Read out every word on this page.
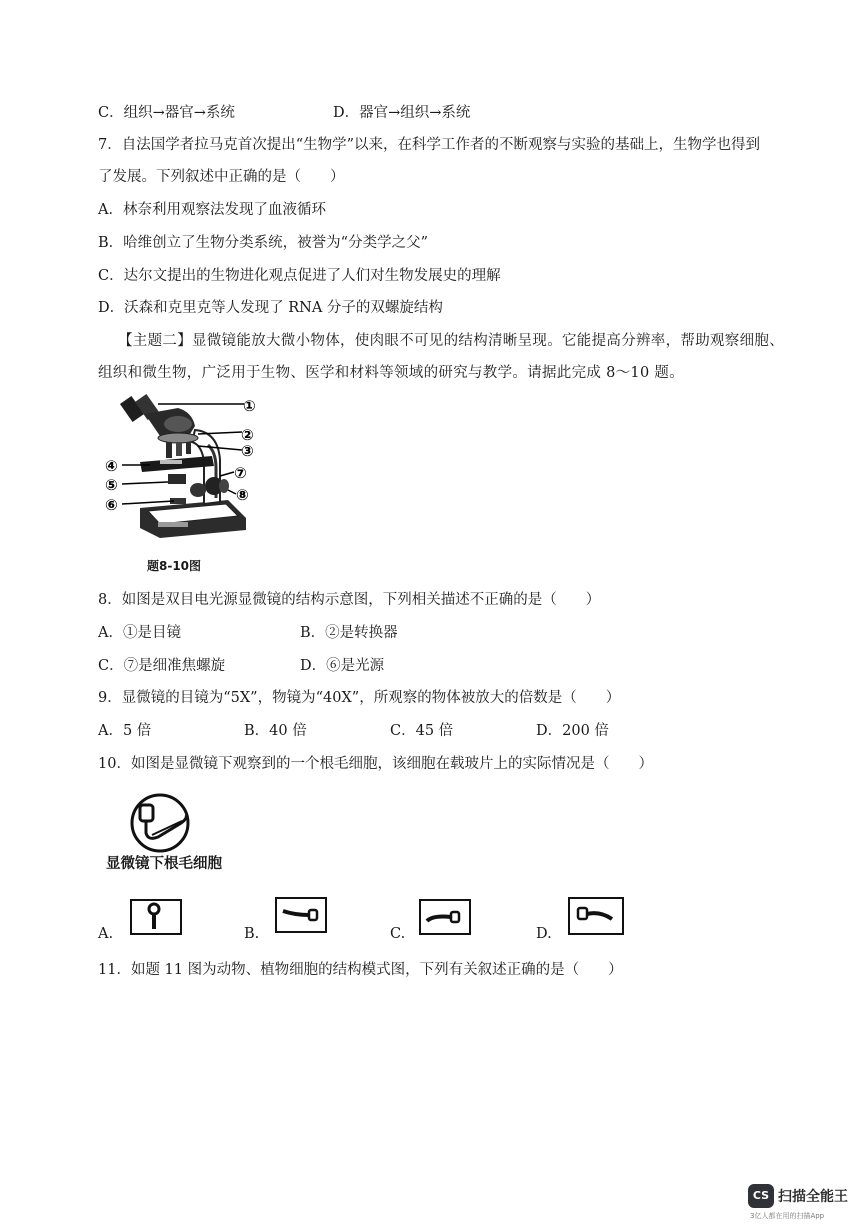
C．组织→器官→系统	D．器官→组织→系统
7．自法国学者拉马克首次提出“生物学”以来，在科学工作者的不断观察与实验的基础上，生物学也得到
了发展。下列叙述中正确的是（　　）
A．林奈利用观察法发现了血液循环
B．哈维创立了生物分类系统，被誉为“分类学之父”
C．达尔文提出的生物进化观点促进了人们对生物发展史的理解
D．沃森和克里克等人发现了 RNA 分子的双螺旋结构
【主题二】显微镜能放大微小物体，使肉眼不可见的结构清晰呈现。它能提高分辨率，帮助观察细胞、
组织和微生物，广泛用于生物、医学和材料等领域的研究与教学。请据此完成 8～10 题。
①
②
③
④
⑤
⑥
⑦
⑧
题8-10图
8．如图是双目电光源显微镜的结构示意图，下列相关描述不正确的是（　　）
A．①是目镜	B．②是转换器
C．⑦是细准焦螺旋	D．⑥是光源
9．显微镜的目镜为“5X”，物镜为“40X”，所观察的物体被放大的倍数是（　　）
A．5 倍	B．40 倍	C．45 倍	D．200 倍
10．如图是显微镜下观察到的一个根毛细胞，该细胞在载玻片上的实际情况是（　　）
显微镜下根毛细胞
A.	B.	C.	D.
11．如题 11 图为动物、植物细胞的结构模式图，下列有关叙述正确的是（　　）
CS 扫描全能王
3亿人都在用的扫描App
